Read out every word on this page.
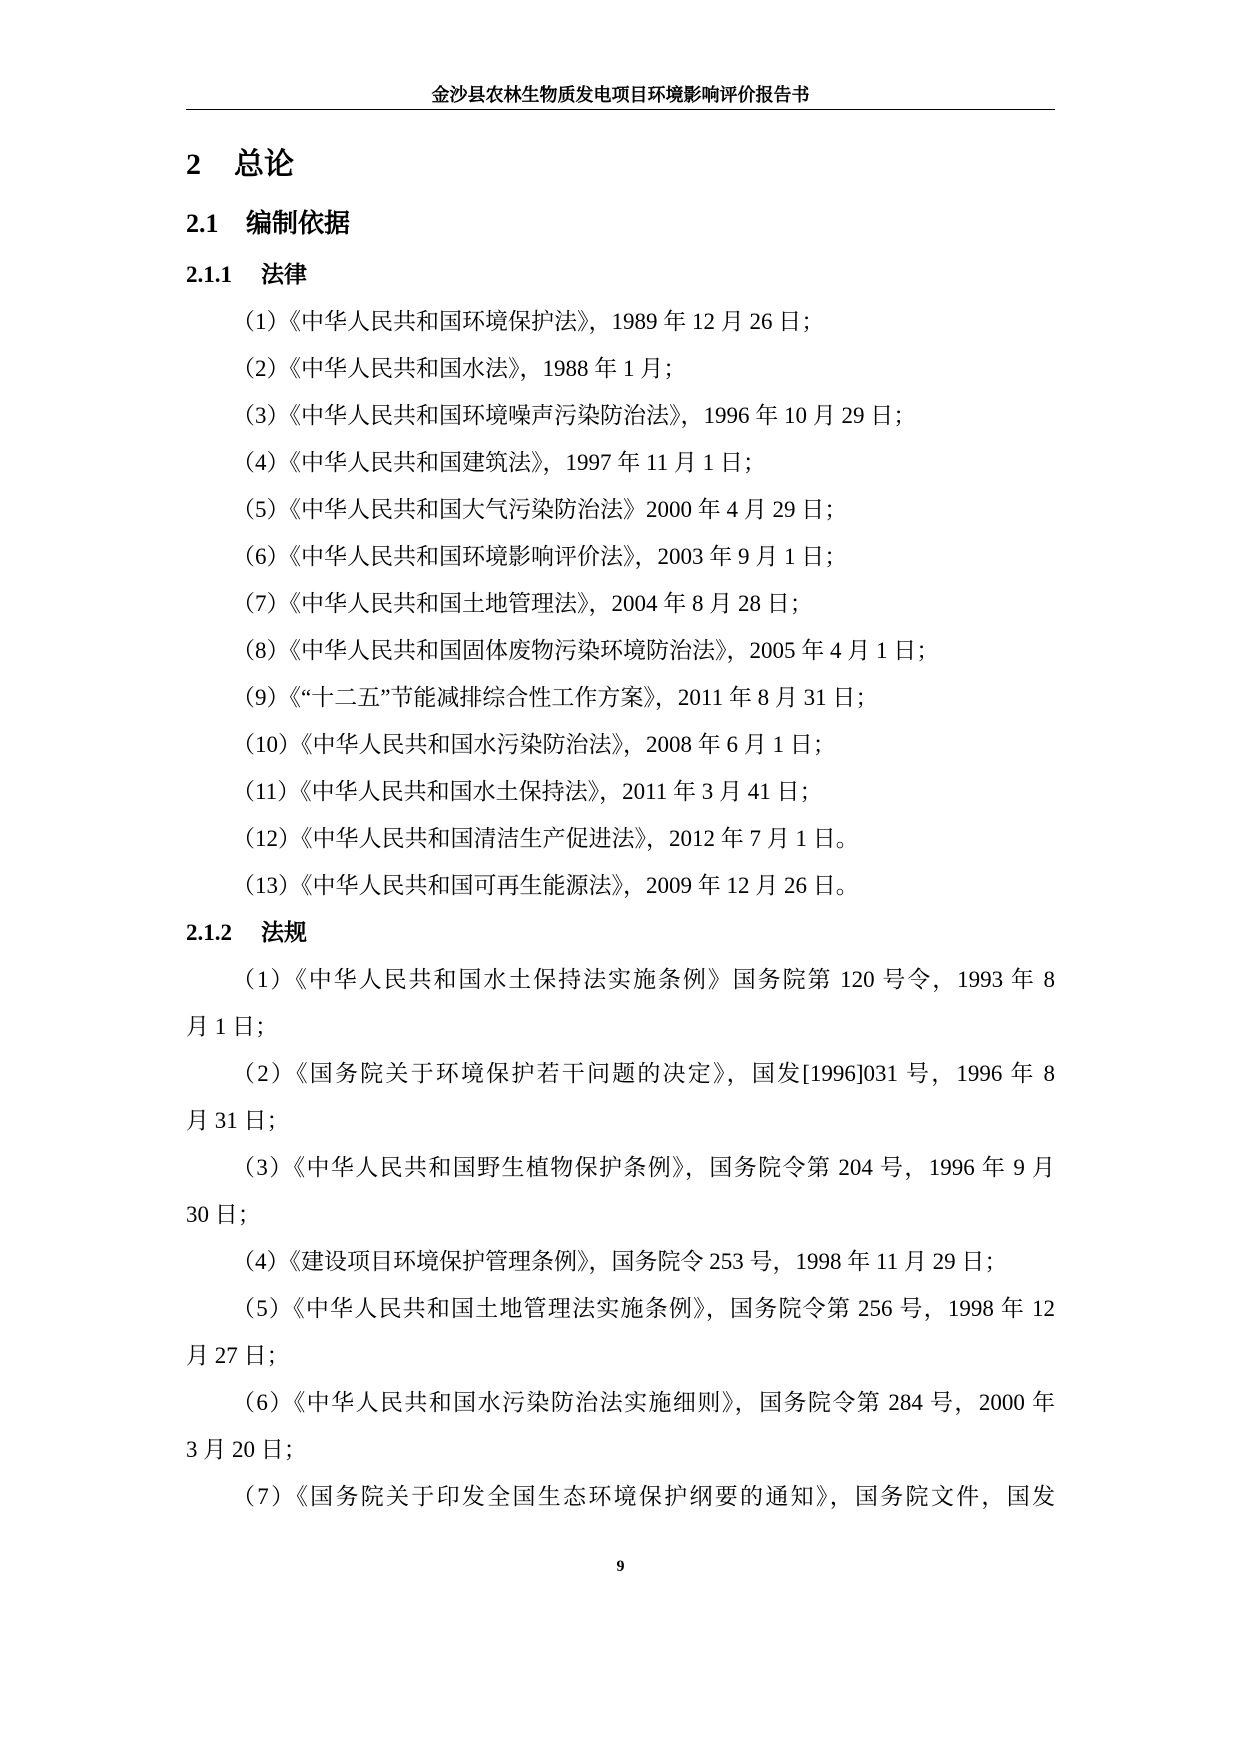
金沙县农林生物质发电项目环境影响评价报告书
2 总论
2.1 编制依据
2.1.1 法律
（1）《中华人民共和国环境保护法》，1989 年 12 月 26 日；
（2）《中华人民共和国水法》，1988 年 1 月；
（3）《中华人民共和国环境噪声污染防治法》，1996 年 10 月 29 日；
（4）《中华人民共和国建筑法》，1997 年 11 月 1 日；
（5）《中华人民共和国大气污染防治法》2000 年 4 月 29 日；
（6）《中华人民共和国环境影响评价法》，2003 年 9 月 1 日；
（7）《中华人民共和国土地管理法》，2004 年 8 月 28 日；
（8）《中华人民共和国固体废物污染环境防治法》，2005 年 4 月 1 日；
（9）《“十二五”节能减排综合性工作方案》，2011 年 8 月 31 日；
（10）《中华人民共和国水污染防治法》，2008 年 6 月 1 日；
（11）《中华人民共和国水土保持法》，2011 年 3 月 41 日；
（12）《中华人民共和国清洁生产促进法》，2012 年 7 月 1 日。
（13）《中华人民共和国可再生能源法》，2009 年 12 月 26 日。
2.1.2 法规
（1）《中华人民共和国水土保持法实施条例》国务院第 120 号令，1993 年 8
月 1 日；
（2）《国务院关于环境保护若干问题的决定》，国发[1996]031 号，1996 年 8
月 31 日；
（3）《中华人民共和国野生植物保护条例》，国务院令第 204 号，1996 年 9 月
30 日；
（4）《建设项目环境保护管理条例》，国务院令 253 号，1998 年 11 月 29 日；
（5）《中华人民共和国土地管理法实施条例》，国务院令第 256 号，1998 年 12
月 27 日；
（6）《中华人民共和国水污染防治法实施细则》，国务院令第 284 号，2000 年
3 月 20 日；
（7）《国务院关于印发全国生态环境保护纲要的通知》，国务院文件，国发
9
